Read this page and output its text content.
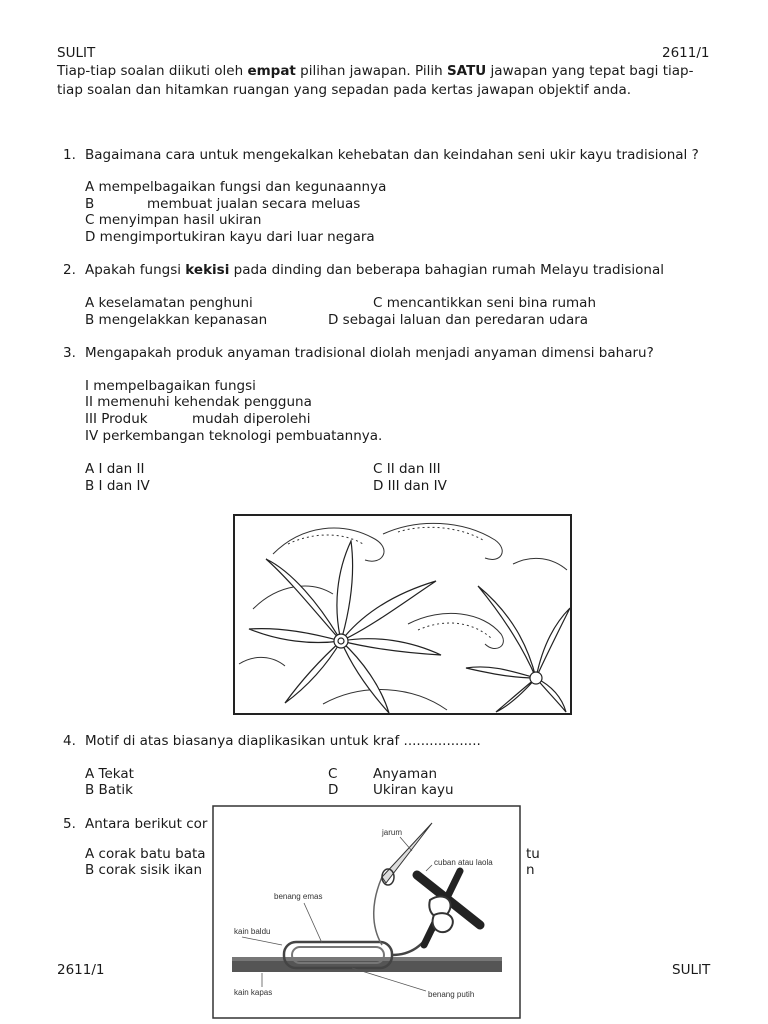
SULIT	2611/1
Tiap-tiap soalan diikuti oleh empat pilihan jawapan. Pilih SATU jawapan yang tepat bagi tiap-
tiap soalan dan hitamkan ruangan yang sepadan pada kertas jawapan objektif anda.
1. Bagaimana cara untuk mengekalkan kehebatan dan keindahan seni ukir kayu tradisional ?
A mempelbagaikan fungsi dan kegunaannya
B	membuat jualan secara meluas
C menyimpan hasil ukiran
D mengimportukiran kayu dari luar negara
2. Apakah fungsi kekisi pada dinding dan beberapa bahagian rumah Melayu tradisional
A keselamatan penghuni	C mencantikkan seni bina rumah
B mengelakkan kepanasan	D sebagai laluan dan peredaran udara
3. Mengapakah produk anyaman tradisional diolah menjadi anyaman dimensi baharu?
I mempelbagaikan fungsi
II memenuhi kehendak pengguna
III Produk	mudah diperolehi
IV perkembangan teknologi pembuatannya.
A I dan II	C II dan III
B I dan IV	D III dan IV
4. Motif di atas biasanya diaplikasikan untuk kraf ..................
A Tekat	C	Anyaman
B Batik	D	Ukiran kayu
5. Antara berikut cor
A corak batu bata
B corak sisik ikan
tu
n
2611/1	SULIT
jarum
cuban atau laola
benang emas
kain baldu
kain kapas	benang putih
